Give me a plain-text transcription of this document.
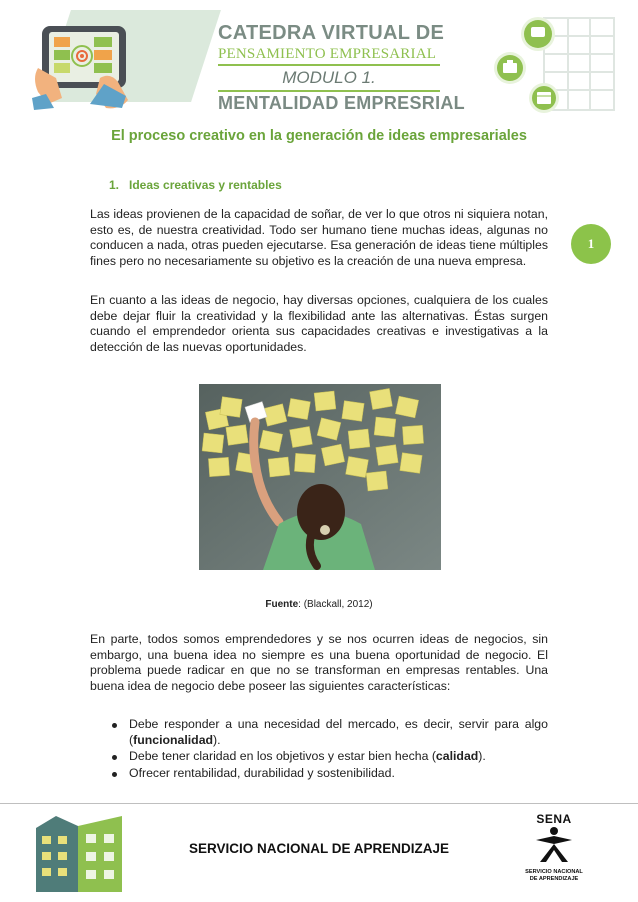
CATEDRA VIRTUAL DE
PENSAMIENTO EMPRESARIAL
MODULO 1.
MENTALIDAD EMPRESRIAL
El proceso creativo en la generación de ideas empresariales
1. Ideas creativas y rentables

Las ideas provienen de la capacidad de soñar, de ver lo que otros ni siquiera notan, esto es, de nuestra creatividad. Todo ser humano tiene muchas ideas, algunas no conducen a nada, otras pueden ejecutarse. Esa generación de ideas tiene múltiples fines pero no necesariamente su objetivo es la creación de una nueva empresa.

En cuanto a las ideas de negocio, hay diversas opciones, cualquiera de los cuales debe dejar fluir la creatividad y la flexibilidad ante las alternativas. Éstas surgen cuando el emprendedor orienta sus capacidades creativas e investigativas a la detección de las nuevas oportunidades.

1
Fuente: (Blackall, 2012)

En parte, todos somos emprendedores y se nos ocurren ideas de negocios, sin embargo, una buena idea no siempre es una buena oportunidad de negocio. El problema puede radicar en que no se transforman en empresas rentables. Una buena idea de negocio debe poseer las siguientes características:

Debe responder a una necesidad del mercado, es decir, servir para algo (funcionalidad).
Debe tener claridad en los objetivos y estar bien hecha (calidad).
Ofrecer rentabilidad, durabilidad y sostenibilidad.
SERVICIO NACIONAL DE APRENDIZAJE
SENA
SERVICIO NACIONAL
DE APRENDIZAJE
